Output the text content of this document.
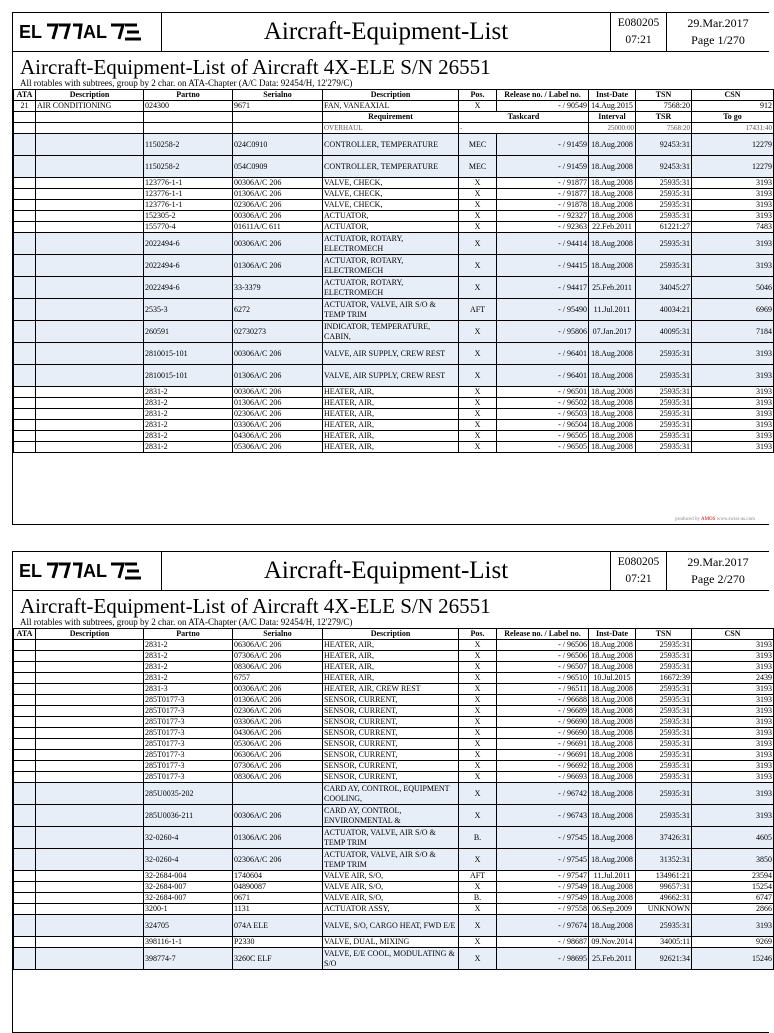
EL AL	Aircraft-Equipment-List	E080205
07:21
29.Mar.2017
Page 1/270
Aircraft-Equipment-List of Aircraft 4X-ELE S/N 26551
All rotables with subtrees, group by 2 char. on ATA-Chapter (A/C Data: 92454/H, 12'279/C)
ATA	Description	Partno	Serialno	Description	Pos.	Release no. / Label no.	Inst-Date	TSN	CSN
21	AIR CONDITIONING	024300	9671	FAN, VANEAXIAL	X	- / 90549	14.Aug.2015	7568:20	912
				Requirement	Taskcard		Interval	TSR	To go
				OVERHAUL	-		25000:00	7568:20	17431:40
		1150258-2	024C0910	CONTROLLER, TEMPERATURE	MEC	- / 91459	18.Aug.2008	92453:31	12279
		1150258-2	054C0909	CONTROLLER, TEMPERATURE	MEC	- / 91459	18.Aug.2008	92453:31	12279
		123776-1-1	00306A/C 206	VALVE, CHECK,	X	- / 91877	18.Aug.2008	25935:31	3193
		123776-1-1	01306A/C 206	VALVE, CHECK,	X	- / 91877	18.Aug.2008	25935:31	3193
		123776-1-1	02306A/C 206	VALVE, CHECK,	X	- / 91878	18.Aug.2008	25935:31	3193
		152305-2	00306A/C 206	ACTUATOR,	X	- / 92327	18.Aug.2008	25935:31	3193
		155770-4	01611A/C 611	ACTUATOR,	X	- / 92363	22.Feb.2011	61221:27	7483
		2022494-6	00306A/C 206	ACTUATOR, ROTARY, ELECTROMECH	X	- / 94414	18.Aug.2008	25935:31	3193
		2022494-6	01306A/C 206	ACTUATOR, ROTARY, ELECTROMECH	X	- / 94415	18.Aug.2008	25935:31	3193
		2022494-6	33-3379	ACTUATOR, ROTARY, ELECTROMECH	X	- / 94417	25.Feb.2011	34045:27	5046
		2535-3	6272	ACTUATOR, VALVE, AIR S/O & TEMP TRIM	AFT	- / 95490	11.Jul.2011	40034:21	6969
		260591	02730273	INDICATOR, TEMPERATURE, CABIN,	X	- / 95806	07.Jan.2017	40095:31	7184
		2810015-101	00306A/C 206	VALVE, AIR SUPPLY, CREW REST	X	- / 96401	18.Aug.2008	25935:31	3193
		2810015-101	01306A/C 206	VALVE, AIR SUPPLY, CREW REST	X	- / 96401	18.Aug.2008	25935:31	3193
		2831-2	00306A/C 206	HEATER, AIR,	X	- / 96501	18.Aug.2008	25935:31	3193
		2831-2	01306A/C 206	HEATER, AIR,	X	- / 96502	18.Aug.2008	25935:31	3193
		2831-2	02306A/C 206	HEATER, AIR,	X	- / 96503	18.Aug.2008	25935:31	3193
		2831-2	03306A/C 206	HEATER, AIR,	X	- / 96504	18.Aug.2008	25935:31	3193
		2831-2	04306A/C 206	HEATER, AIR,	X	- / 96505	18.Aug.2008	25935:31	3193
		2831-2	05306A/C 206	HEATER, AIR,	X	- / 96505	18.Aug.2008	25935:31	3193
produced by AMOS www.swiss-as.com
EL AL	Aircraft-Equipment-List	E080205
07:21
29.Mar.2017
Page 2/270
Aircraft-Equipment-List of Aircraft 4X-ELE S/N 26551
All rotables with subtrees, group by 2 char. on ATA-Chapter (A/C Data: 92454/H, 12'279/C)
ATA	Description	Partno	Serialno	Description	Pos.	Release no. / Label no.	Inst-Date	TSN	CSN
		2831-2	06306A/C 206	HEATER, AIR,	X	- / 96506	18.Aug.2008	25935:31	3193
		2831-2	07306A/C 206	HEATER, AIR,	X	- / 96506	18.Aug.2008	25935:31	3193
		2831-2	08306A/C 206	HEATER, AIR,	X	- / 96507	18.Aug.2008	25935:31	3193
		2831-2	6757	HEATER, AIR,	X	- / 96510	10.Jul.2015	16672:39	2439
		2831-3	00306A/C 206	HEATER, AIR, CREW REST	X	- / 96511	18.Aug.2008	25935:31	3193
		285T0177-3	01306A/C 206	SENSOR, CURRENT,	X	- / 96688	18.Aug.2008	25935:31	3193
		285T0177-3	02306A/C 206	SENSOR, CURRENT,	X	- / 96689	18.Aug.2008	25935:31	3193
		285T0177-3	03306A/C 206	SENSOR, CURRENT,	X	- / 96690	18.Aug.2008	25935:31	3193
		285T0177-3	04306A/C 206	SENSOR, CURRENT,	X	- / 96690	18.Aug.2008	25935:31	3193
		285T0177-3	05306A/C 206	SENSOR, CURRENT,	X	- / 96691	18.Aug.2008	25935:31	3193
		285T0177-3	06306A/C 206	SENSOR, CURRENT,	X	- / 96691	18.Aug.2008	25935:31	3193
		285T0177-3	07306A/C 206	SENSOR, CURRENT,	X	- / 96692	18.Aug.2008	25935:31	3193
		285T0177-3	08306A/C 206	SENSOR, CURRENT,	X	- / 96693	18.Aug.2008	25935:31	3193
		285U0035-202		CARD AY, CONTROL, EQUIPMENT COOLING,	X	- / 96742	18.Aug.2008	25935:31	3193
		285U0036-211	00306A/C 206	CARD AY, CONTROL, ENVIRONMENTAL &	X	- / 96743	18.Aug.2008	25935:31	3193
		32-0260-4	01306A/C 206	ACTUATOR, VALVE, AIR S/O & TEMP TRIM	B.	- / 97545	18.Aug.2008	37426:31	4605
		32-0260-4	02306A/C 206	ACTUATOR, VALVE, AIR S/O & TEMP TRIM	X	- / 97545	18.Aug.2008	31352:31	3850
		32-2684-004	1740604	VALVE AIR, S/O,	AFT	- / 97547	11.Jul.2011	134961:21	23594
		32-2684-007	04890087	VALVE AIR, S/O,	X	- / 97549	18.Aug.2008	99657:31	15254
		32-2684-007	0671	VALVE AIR, S/O,	B.	- / 97549	18.Aug.2008	49662:31	6747
		3200-1	1131	ACTUATOR ASSY,	X	- / 97558	06.Sep.2009	UNKNOWN	2866
		324705	074A ELE	VALVE, S/O, CARGO HEAT, FWD E/E	X	- / 97674	18.Aug.2008	25935:31	3193
		398116-1-1	P2330	VALVE, DUAL, MIXING	X	- / 98687	09.Nov.2014	34005:11	9269
		398774-7	3260C ELF	VALVE, E/E COOL, MODULATING & S/O	X	- / 98695	25.Feb.2011	92621:34	15246
